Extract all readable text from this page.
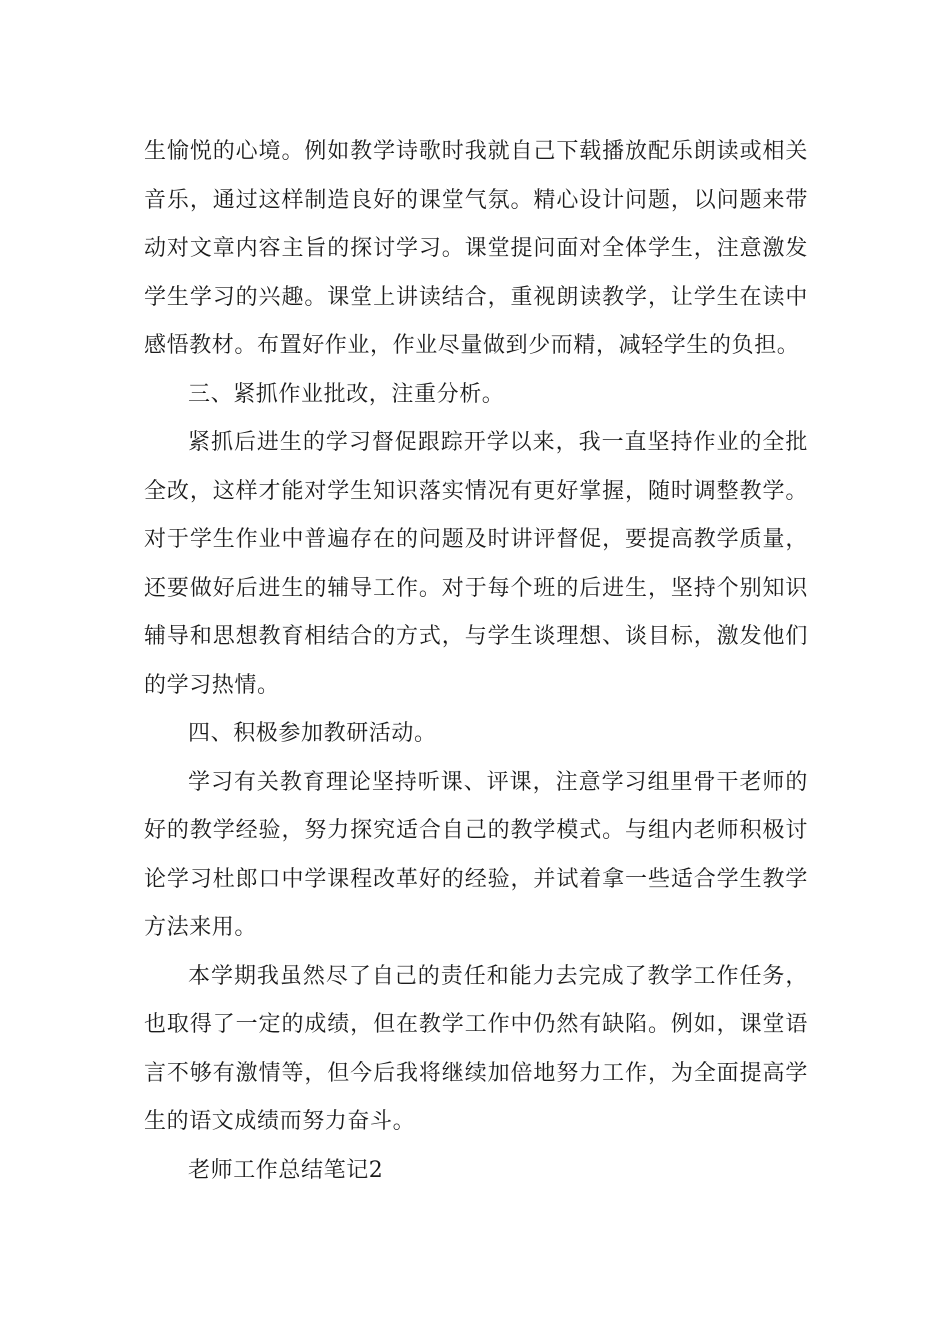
生愉悦的心境。例如教学诗歌时我就自己下载播放配乐朗读或相关音乐，通过这样制造良好的课堂气氛。精心设计问题，以问题来带动对文章内容主旨的探讨学习。课堂提问面对全体学生，注意激发学生学习的兴趣。课堂上讲读结合，重视朗读教学，让学生在读中感悟教材。布置好作业，作业尽量做到少而精，减轻学生的负担。

三、紧抓作业批改，注重分析。

紧抓后进生的学习督促跟踪开学以来，我一直坚持作业的全批全改，这样才能对学生知识落实情况有更好掌握，随时调整教学。对于学生作业中普遍存在的问题及时讲评督促，要提高教学质量，还要做好后进生的辅导工作。对于每个班的后进生，坚持个别知识辅导和思想教育相结合的方式，与学生谈理想、谈目标，激发他们的学习热情。

四、积极参加教研活动。

学习有关教育理论坚持听课、评课，注意学习组里骨干老师的好的教学经验，努力探究适合自己的教学模式。与组内老师积极讨论学习杜郎口中学课程改革好的经验，并试着拿一些适合学生教学方法来用。

本学期我虽然尽了自己的责任和能力去完成了教学工作任务，也取得了一定的成绩，但在教学工作中仍然有缺陷。例如，课堂语言不够有激情等，但今后我将继续加倍地努力工作，为全面提高学生的语文成绩而努力奋斗。

老师工作总结笔记2
